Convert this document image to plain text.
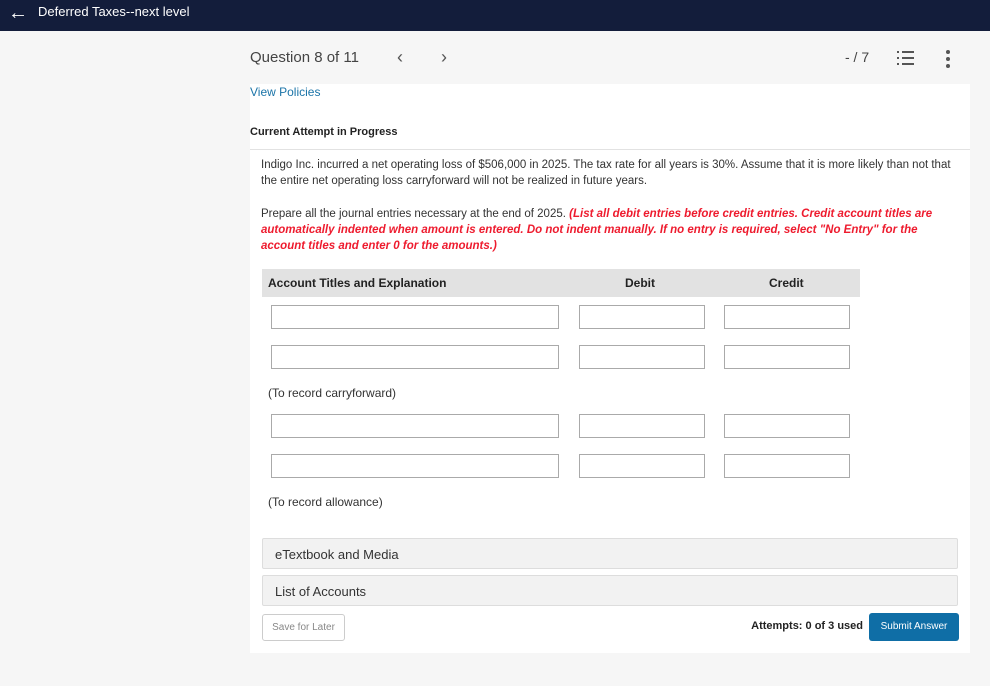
← Deferred Taxes--next level
Question 8 of 11 ‹ ›	- / 7
View Policies
Current Attempt in Progress

Indigo Inc. incurred a net operating loss of $506,000 in 2025. The tax rate for all years is 30%. Assume that it is more likely than not that the entire net operating loss carryforward will not be realized in future years.

Prepare all the journal entries necessary at the end of 2025. (List all debit entries before credit entries. Credit account titles are automatically indented when amount is entered. Do not indent manually. If no entry is required, select "No Entry" for the account titles and enter 0 for the amounts.)

Account Titles and Explanation	Debit	Credit
(To record carryforward)
(To record allowance)
eTextbook and Media
List of Accounts
Save for Later	Attempts: 0 of 3 used	Submit Answer
